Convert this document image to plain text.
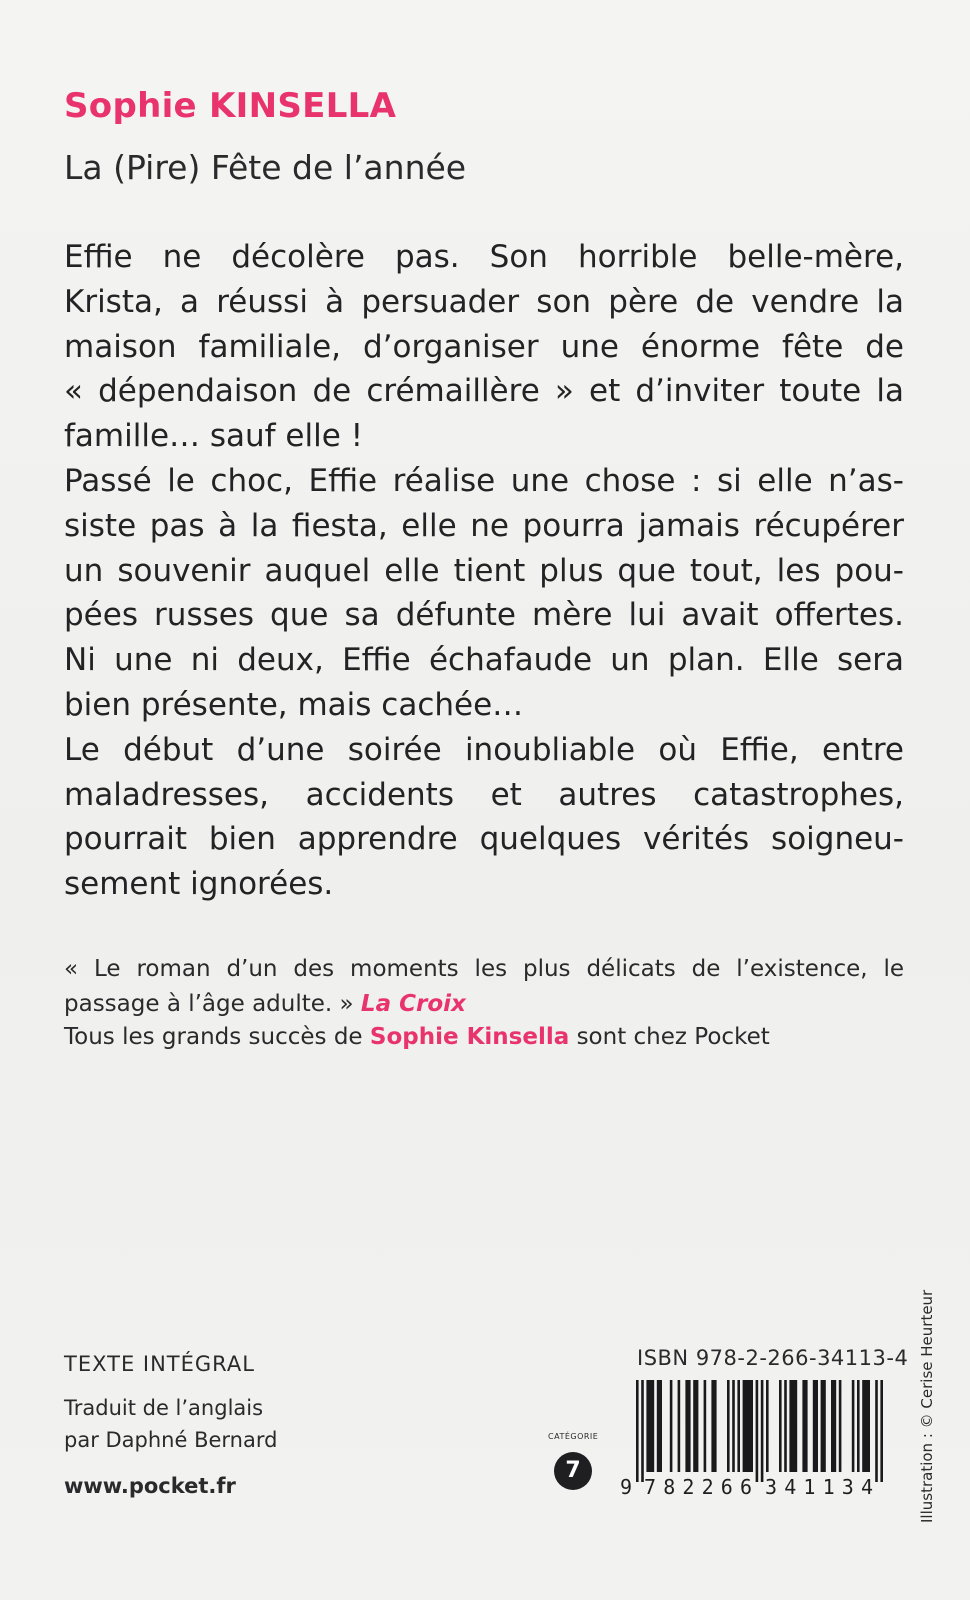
Sophie KINSELLA
La (Pire) Fête de l’année
Effie ne décolère pas. Son horrible belle-mère,
Krista, a réussi à persuader son père de vendre la
maison familiale, d’organiser une énorme fête de
« dépendaison de crémaillère » et d’inviter toute la
famille… sauf elle !
Passé le choc, Effie réalise une chose : si elle n’as-
siste pas à la fiesta, elle ne pourra jamais récupérer
un souvenir auquel elle tient plus que tout, les pou-
pées russes que sa défunte mère lui avait offertes.
Ni une ni deux, Effie échafaude un plan. Elle sera
bien présente, mais cachée…
Le début d’une soirée inoubliable où Effie, entre
maladresses, accidents et autres catastrophes,
pourrait bien apprendre quelques vérités soigneu-
sement ignorées.
« Le roman d’un des moments les plus délicats de l’existence, le
passage à l’âge adulte. » La Croix
Tous les grands succès de Sophie Kinsella sont chez Pocket
TEXTE INTÉGRAL
Traduit de l’anglais
par Daphné Bernard
www.pocket.fr
CATÉGORIE
7
ISBN 978-2-266-34113-4
9 782266 341134	Illustration : © Cerise Heurteur
